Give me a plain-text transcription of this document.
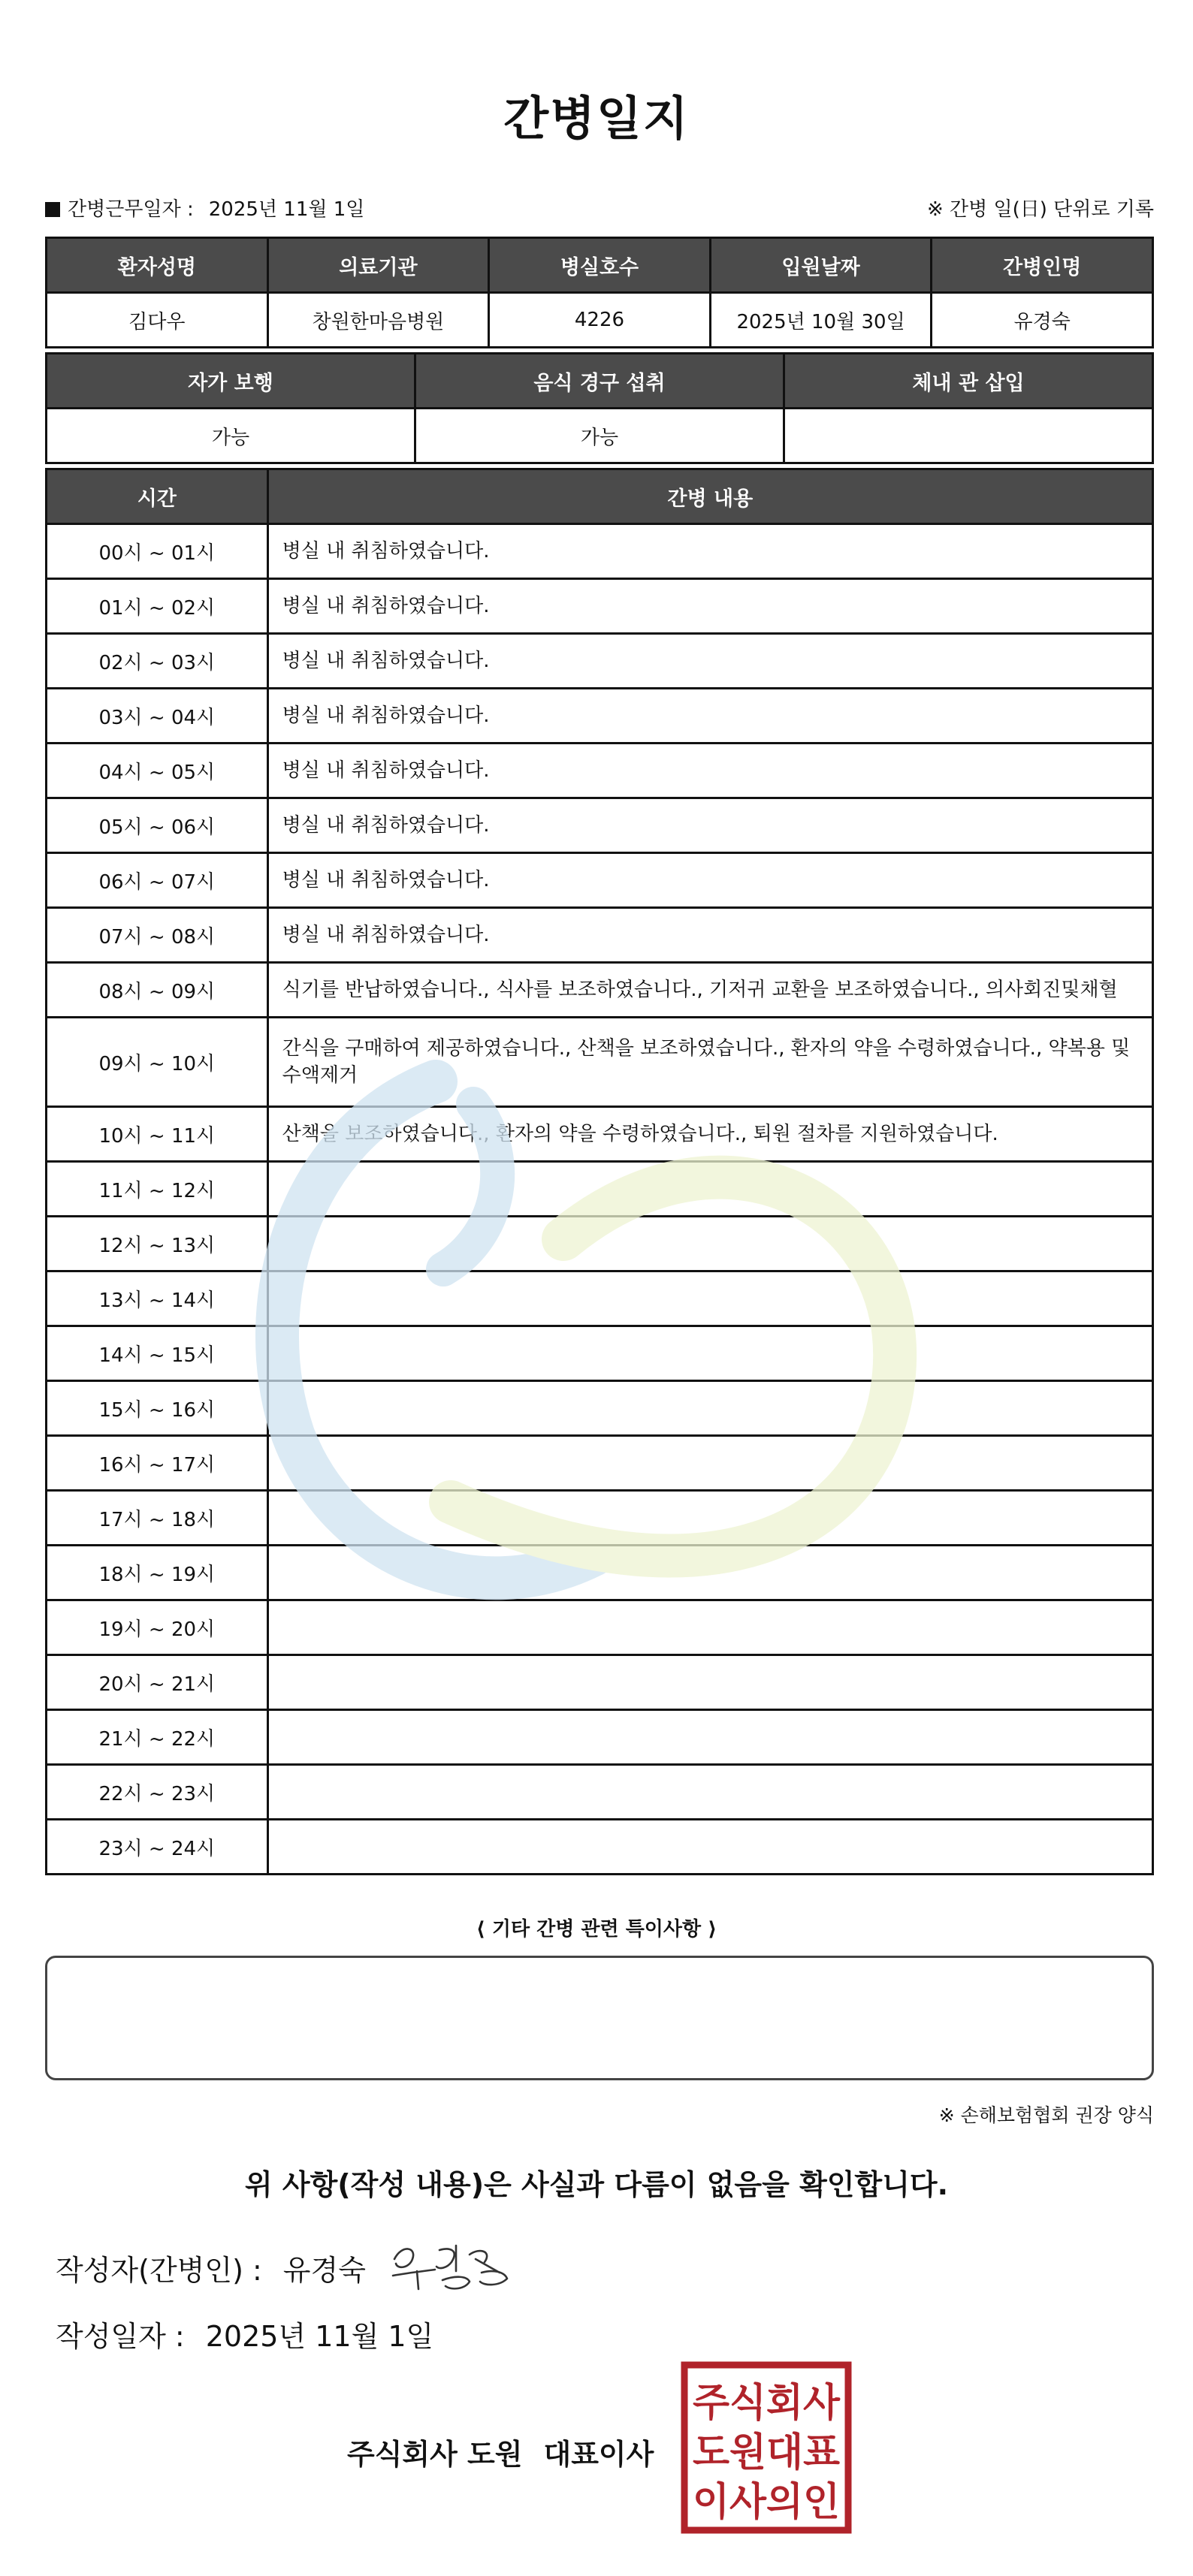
간병일지
간병근무일자 : 2025년 11월 1일	※ 간병 일(日) 단위로 기록
환자성명	의료기관	병실호수	입원날짜	간병인명
김다우	창원한마음병원	4226	2025년 10월 30일	유경숙
자가 보행	음식 경구 섭취	체내 관 삽입
가능	가능	
시간	간병 내용
00시 ~ 01시	병실 내 취침하였습니다.
01시 ~ 02시	병실 내 취침하였습니다.
02시 ~ 03시	병실 내 취침하였습니다.
03시 ~ 04시	병실 내 취침하였습니다.
04시 ~ 05시	병실 내 취침하였습니다.
05시 ~ 06시	병실 내 취침하였습니다.
06시 ~ 07시	병실 내 취침하였습니다.
07시 ~ 08시	병실 내 취침하였습니다.
08시 ~ 09시	식기를 반납하였습니다., 식사를 보조하였습니다., 기저귀 교환을 보조하였습니다., 의사회진및채혈
09시 ~ 10시	간식을 구매하여 제공하였습니다., 산책을 보조하였습니다., 환자의 약을 수령하였습니다., 약복용 및 수액제거
10시 ~ 11시	산책을 보조하였습니다., 환자의 약을 수령하였습니다., 퇴원 절차를 지원하였습니다.
11시 ~ 12시	
12시 ~ 13시	
13시 ~ 14시	
14시 ~ 15시	
15시 ~ 16시	
16시 ~ 17시	
17시 ~ 18시	
18시 ~ 19시	
19시 ~ 20시	
20시 ~ 21시	
21시 ~ 22시	
22시 ~ 23시	
23시 ~ 24시	
⟨ 기타 간병 관련 특이사항 ⟩
※ 손해보험협회 권장 양식
위 사항(작성 내용)은 사실과 다름이 없음을 확인합니다.
작성자(간병인) : 유경숙
작성일자 : 2025년 11월 1일
주식회사 도원 대표이사
주식회사
도원대표
이사의인
